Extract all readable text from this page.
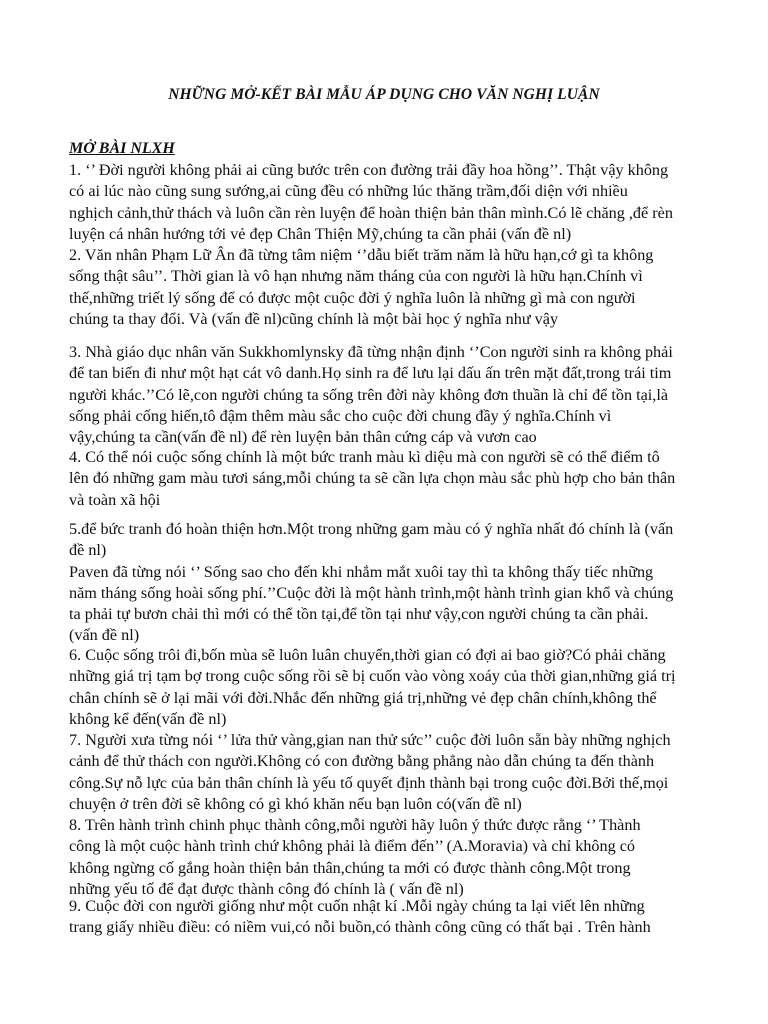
NHỮNG MỞ-KẾT BÀI MẪU ÁP DỤNG CHO VĂN NGHỊ LUẬN
MỞ BÀI NLXH
1. ‘’ Đời người không phải ai cũng bước trên con đường trải đầy hoa hồng’’. Thật vậy không
có ai lúc nào cũng sung sướng,ai cũng đều có những lúc thăng trầm,đối diện với nhiều
nghịch cảnh,thử thách và luôn cần rèn luyện để hoàn thiện bản thân mình.Có lẽ chăng ,để rèn
luyện cá nhân hướng tới vẻ đẹp Chân Thiện Mỹ,chúng ta cần phải (vấn đề nl)
2. Văn nhân Phạm Lữ Ân đã từng tâm niệm ‘’dẫu biết trăm năm là hữu hạn,cớ gì ta không
sống thật sâu’’. Thời gian là vô hạn nhưng năm tháng của con người là hữu hạn.Chính vì
thế,những triết lý sống để có được một cuộc đời ý nghĩa luôn là những gì mà con người
chúng ta thay đổi. Và (vấn đề nl)cũng chính là một bài học ý nghĩa như vậy
3. Nhà giáo dục nhân văn Sukkhomlynsky đã từng nhận định ‘’Con người sinh ra không phải
để tan biến đi như một hạt cát vô danh.Họ sinh ra để lưu lại dấu ấn trên mặt đất,trong trái tim
người khác.’’Có lẽ,con người chúng ta sống trên đời này không đơn thuần là chỉ để tồn tại,là
sống phải cống hiến,tô đậm thêm màu sắc cho cuộc đời chung đầy ý nghĩa.Chính vì
vậy,chúng ta cần(vấn đề nl) để rèn luyện bản thân cứng cáp và vươn cao
4. Có thể nói cuộc sống chính là một bức tranh màu kì diệu mà con người sẽ có thể điểm tô
lên đó những gam màu tươi sáng,mỗi chúng ta sẽ cần lựa chọn màu sắc phù hợp cho bản thân
và toàn xã hội
5.để bức tranh đó hoàn thiện hơn.Một trong những gam màu có ý nghĩa nhất đó chính là (vấn
đề nl)
Paven đã từng nói ‘’ Sống sao cho đến khi nhắm mắt xuôi tay thì ta không thấy tiếc những
năm tháng sống hoài sống phí.’’Cuộc đời là một hành trình,một hành trình gian khổ và chúng
ta phải tự bươn chải thì mới có thể tồn tại,để tồn tại như vậy,con người chúng ta cần phải.
(vấn đề nl)
6. Cuộc sống trôi đi,bốn mùa sẽ luôn luân chuyển,thời gian có đợi ai bao giờ?Có phải chăng
những giá trị tạm bợ trong cuộc sống rồi sẽ bị cuốn vào vòng xoáy của thời gian,những giá trị
chân chính sẽ ở lại mãi với đời.Nhắc đến những giá trị,những vẻ đẹp chân chính,không thể
không kể đến(vấn đề nl)
7. Người xưa từng nói ‘’ lửa thử vàng,gian nan thử sức’’ cuộc đời luôn sẵn bày những nghịch
cảnh để thử thách con người.Không có con đường bằng phẳng nào dẫn chúng ta đến thành
công.Sự nỗ lực của bản thân chính là yếu tố quyết định thành bại trong cuộc đời.Bởi thế,mọi
chuyện ở trên đời sẽ không có gì khó khăn nếu bạn luôn có(vấn đề nl)
8. Trên hành trình chinh phục thành công,mỗi người hãy luôn ý thức được rằng ‘’ Thành
công là một cuộc hành trình chứ không phải là điểm đến’’ (A.Moravia) và chỉ không có
không ngừng cố gắng hoàn thiện bản thân,chúng ta mới có được thành công.Một trong
những yếu tố để đạt được thành công đó chính là ( vấn đề nl)
9. Cuộc đời con người giống như một cuốn nhật kí .Mỗi ngày chúng ta lại viết lên những
trang giấy nhiều điều: có niềm vui,có nỗi buồn,có thành công cũng có thất bại . Trên hành
